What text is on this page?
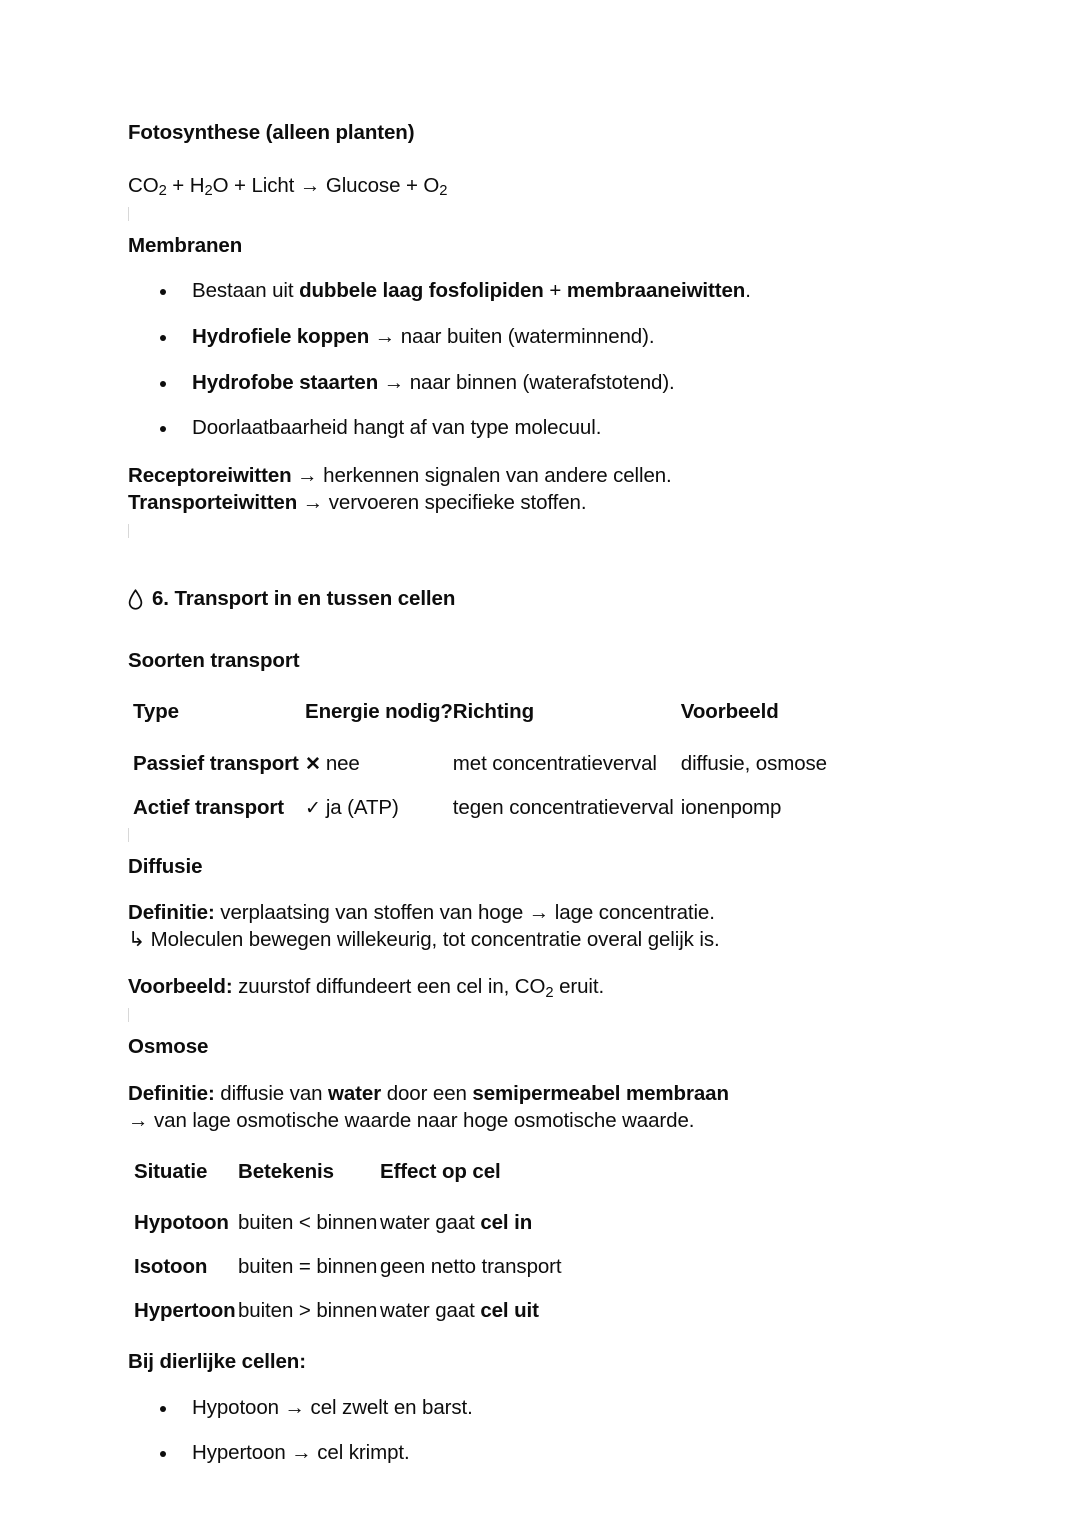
Fotosynthese (alleen planten)

$CO_2 + H_2O$ + Licht → $Glucose + O_2$

Membranen
Bestaan uit dubbele laag fosfolipiden + membraaneiwitten.
Hydrofiele koppen → naar buiten (waterminnend).
Hydrofobe staarten → naar binnen (waterafstotend).
Doorlaatbaarheid hangt af van type molecuul.

Receptoreiwitten → herkennen signalen van andere cellen.
Transporteiwitten → vervoeren specifieke stoffen.

6. Transport in en tussen cellen
Soorten transport
Type	Energie nodig?	Richting	Voorbeeld
Passief transport	✕ nee	met concentratieverval	diffusie, osmose
Actief transport	✓ ja (ATP)	tegen concentratieverval	ionenpomp
Diffusie

Definitie: verplaatsing van stoffen van hoge → lage concentratie.
↳ Moleculen bewegen willekeurig, tot concentratie overal gelijk is.

Voorbeeld: zuurstof diffundeert een cel in, $CO_2$ eruit.

Osmose

Definitie: diffusie van water door een semipermeabel membraan
→ van lage osmotische waarde naar hoge osmotische waarde.

Situatie	Betekenis	Effect op cel
Hypotoon	buiten < binnen	water gaat cel in
Isotoon	buiten = binnen	geen netto transport
Hypertoon	buiten > binnen	water gaat cel uit
Bij dierlijke cellen:
Hypotoon → cel zwelt en barst.
Hypertoon → cel krimpt.
